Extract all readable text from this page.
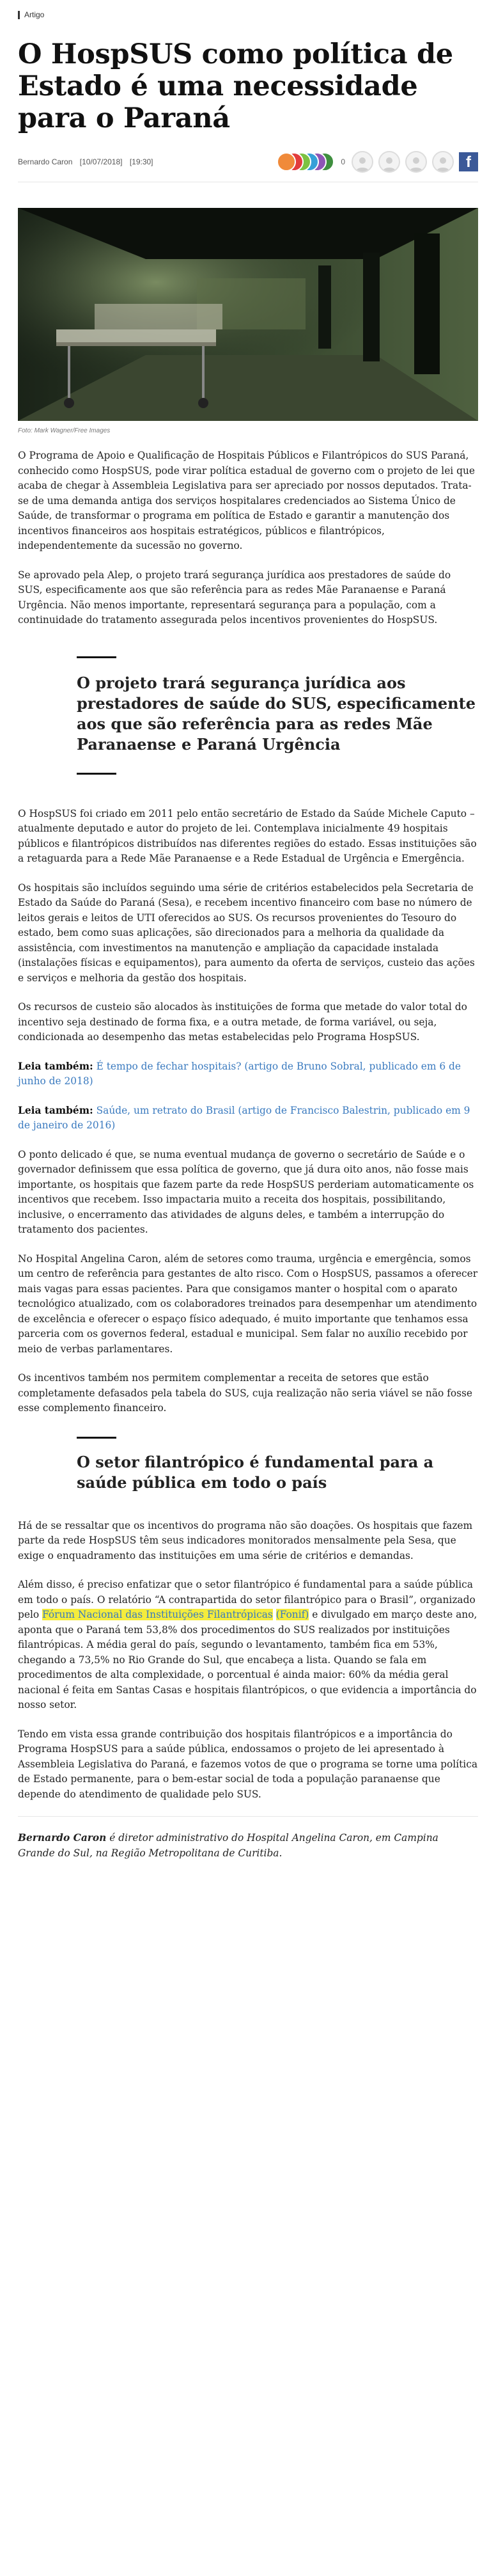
Artigo
O HospSUS como política de Estado é uma necessidade para o Paraná
Bernardo Caron [10/07/2018] [19:30]	0	f
Foto: Mark Wagner/Free Images

O Programa de Apoio e Qualificação de Hospitais Públicos e Filantrópicos do SUS Paraná, conhecido como HospSUS, pode virar política estadual de governo com o projeto de lei que acaba de chegar à Assembleia Legislativa para ser apreciado por nossos deputados. Trata-se de uma demanda antiga dos serviços hospitalares credenciados ao Sistema Único de Saúde, de transformar o programa em política de Estado e garantir a manutenção dos incentivos financeiros aos hospitais estratégicos, públicos e filantrópicos, independentemente da sucessão no governo.

Se aprovado pela Alep, o projeto trará segurança jurídica aos prestadores de saúde do SUS, especificamente aos que são referência para as redes Mãe Paranaense e Paraná Urgência. Não menos importante, representará segurança para a população, com a continuidade do tratamento assegurada pelos incentivos provenientes do HospSUS.

O projeto trará segurança jurídica aos prestadores de saúde do SUS, especificamente aos que são referência para as redes Mãe Paranaense e Paraná Urgência

O HospSUS foi criado em 2011 pelo então secretário de Estado da Saúde Michele Caputo – atualmente deputado e autor do projeto de lei. Contemplava inicialmente 49 hospitais públicos e filantrópicos distribuídos nas diferentes regiões do estado. Essas instituições são a retaguarda para a Rede Mãe Paranaense e a Rede Estadual de Urgência e Emergência.

Os hospitais são incluídos seguindo uma série de critérios estabelecidos pela Secretaria de Estado da Saúde do Paraná (Sesa), e recebem incentivo financeiro com base no número de leitos gerais e leitos de UTI oferecidos ao SUS. Os recursos provenientes do Tesouro do estado, bem como suas aplicações, são direcionados para a melhoria da qualidade da assistência, com investimentos na manutenção e ampliação da capacidade instalada (instalações físicas e equipamentos), para aumento da oferta de serviços, custeio das ações e serviços e melhoria da gestão dos hospitais.

Os recursos de custeio são alocados às instituições de forma que metade do valor total do incentivo seja destinado de forma fixa, e a outra metade, de forma variável, ou seja, condicionada ao desempenho das metas estabelecidas pelo Programa HospSUS.

Leia também: É tempo de fechar hospitais? (artigo de Bruno Sobral, publicado em 6 de junho de 2018)

Leia também: Saúde, um retrato do Brasil (artigo de Francisco Balestrin, publicado em 9 de janeiro de 2016)

O ponto delicado é que, se numa eventual mudança de governo o secretário de Saúde e o governador definissem que essa política de governo, que já dura oito anos, não fosse mais importante, os hospitais que fazem parte da rede HospSUS perderiam automaticamente os incentivos que recebem. Isso impactaria muito a receita dos hospitais, possibilitando, inclusive, o encerramento das atividades de alguns deles, e também a interrupção do tratamento dos pacientes.

No Hospital Angelina Caron, além de setores como trauma, urgência e emergência, somos um centro de referência para gestantes de alto risco. Com o HospSUS, passamos a oferecer mais vagas para essas pacientes. Para que consigamos manter o hospital com o aparato tecnológico atualizado, com os colaboradores treinados para desempenhar um atendimento de excelência e oferecer o espaço físico adequado, é muito importante que tenhamos essa parceria com os governos federal, estadual e municipal. Sem falar no auxílio recebido por meio de verbas parlamentares.

Os incentivos também nos permitem complementar a receita de setores que estão completamente defasados pela tabela do SUS, cuja realização não seria viável se não fosse esse complemento financeiro.

O setor filantrópico é fundamental para a saúde pública em todo o país

Há de se ressaltar que os incentivos do programa não são doações. Os hospitais que fazem parte da rede HospSUS têm seus indicadores monitorados mensalmente pela Sesa, que exige o enquadramento das instituições em uma série de critérios e demandas.

Além disso, é preciso enfatizar que o setor filantrópico é fundamental para a saúde pública em todo o país. O relatório “A contrapartida do setor filantrópico para o Brasil”, organizado pelo Fórum Nacional das Instituições Filantrópicas (Fonif) e divulgado em março deste ano, aponta que o Paraná tem 53,8% dos procedimentos do SUS realizados por instituições filantrópicas. A média geral do país, segundo o levantamento, também fica em 53%, chegando a 73,5% no Rio Grande do Sul, que encabeça a lista. Quando se fala em procedimentos de alta complexidade, o porcentual é ainda maior: 60% da média geral nacional é feita em Santas Casas e hospitais filantrópicos, o que evidencia a importância do nosso setor.

Tendo em vista essa grande contribuição dos hospitais filantrópicos e a importância do Programa HospSUS para a saúde pública, endossamos o projeto de lei apresentado à Assembleia Legislativa do Paraná, e fazemos votos de que o programa se torne uma política de Estado permanente, para o bem-estar social de toda a população paranaense que depende do atendimento de qualidade pelo SUS.

Bernardo Caron é diretor administrativo do Hospital Angelina Caron, em Campina Grande do Sul, na Região Metropolitana de Curitiba.
